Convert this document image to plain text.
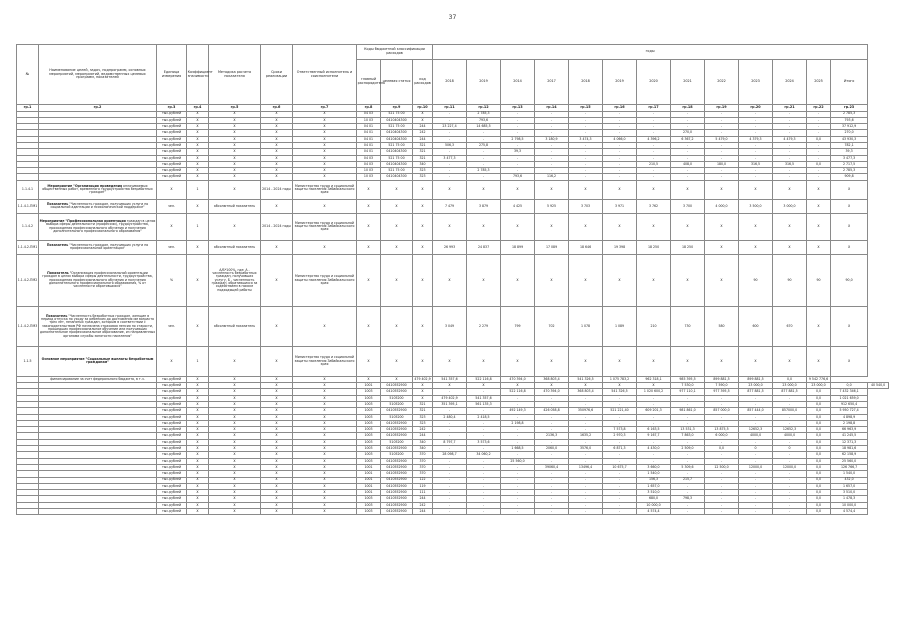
37
№	Наименование целей, задач, подпрограмм, основных мероприятий, мероприятий, ведомственных целевых программ, показателей	Единица измерения	Коэффициент значимости	Методика расчета показателя	Сроки реализации	Ответственный исполнитель и соисполнители	Коды бюджетной классификации расходов			годы													
							главный распорядитель	целевая статья	код расходов	2018	2019	2014	2017	2018	2019	2020	2021	2022	2023	2024	2025	Итого	
гр.1	гр.2	гр.3	гр.4	гр.5	гр.6	гр.7	гр.8	гр.9	гр.10	гр.11	гр.12	гр.13	гр.14	гр.15	гр.16	гр.17	гр.18	гр.19	гр.20	гр.21	гр.22	гр.23	
		тыс.рублей	X	X	X	X	04 03	521 75 00	X	-	2 785,3	-	-	-	-	-	-	-	-	-	-	2 785,3	
		тыс.рублей	X	X	X	X	10 03	0410404300	X	-	793,6	-	-	-	-	-	-	-	-	-	-	793,6	
		тыс.рублей	X	X	X	X	04 01	521 75 00	244	23 227,4	14 685,5	-	-	-	-	-	-	-	-	-	-	37 912,9	
		тыс.рублей	X	X	X	X	04 01	0410404300	242	-	-	-	-	-	-	-	270,0	-	-	-	-	270,0	
		тыс.рублей	X	X	X	X	04 01	0410404300	244	-	-	2 798,5	3 180,9	3 474,3	4 066,0	4 396,2	6 367,2	5 479,0	4 379,3	4 479,3	0,0	43 930,3	
		тыс.рублей	X	X	X	X	04 01	521 75 00	321	506,3	275,8	-	-	-	-	-	-	-	-	-	-	782,1	
		тыс.рублей	X	X	X	X	04 01	0410404300	321	-	-	39,3	-	-	-	-	-	-	-	-	-	39,3	
		тыс.рублей	X	X	X	X	04 03	521 75 00	321	3 477,3	-	-	-	-	-	-	-	-	-	-	-	3 477,3	
		тыс.рублей	X	X	X	X	04 03	0410404300	340	-	-	-	-	-	-	210,5	408,0	180,0	316,5	316,5	0,0	2 717,5	
		тыс.рублей	X	X	X	X	10 03	521 75 00	323	-	2 785,3	-	-	-	-	-	-	-	-	-	-	2 785,3	
		тыс.рублей	X	X	X	X	10 03	0410404300	323	-	-	793,6	116,2	-	-	-	-	-	-	-	-	909,8	
1.1.4.1	Мероприятие "Организация проведения оплачиваемых общественных работ, временного трудоустройства безработных граждан"	X	1	X	2014 - 2024 годы	Министерство труда и социальной защиты населения Забайкальского края	X	X	X	X	X	X	X	X	X	X	X	X	X	X	X	X	
1.1.4.1-ПМ1	Показатель "Численность граждан, получивших услуги по социальной адаптации и психологической поддержке"	чел.	X	абсолютный показатель	X	X	X	X	X	7 479	3 879	4 425	5 925	3 703	3 971	3 762	3 700	4 000,0	3 500,0	3 000,0	X	X	
1.1.4.2	Мероприятие "Профессиональная ориентация граждан в целях выбора сферы деятельности (профессии), трудоустройства, прохождения профессионального обучения и получения дополнительного профессионального образования"	X	1	X	2014 - 2024 годы	Министерство труда и социальной защиты населения Забайкальского края	X	X	X	X	X	X	X	X	X	X	X	X	X	X	X	X	
1.1.4.2-ПМ1	Показатель "Численность граждан, получивших услуги по профессиональной ориентации"	чел.	X	абсолютный показатель	X	X	X	X	X	26 993	24 837	18 899	17 089	18 646	19 398	18 250	18 250	X	X	X	X	X	
1.1.4.2-ПМ2	Показатель "Организация профессиональной ориентации граждан в целях выбора сферы деятельности, трудоустройства, прохождения профессионального обучения и получения дополнительного профессионального образования, % от численности обратившихся"	%	X	А/Б*100%, где: А - численность безработных граждан, получивших услугу, Б - численность граждан, обратившихся за содействием в поиске подходящей работы	X	Министерство труда и социальной защиты населения Забайкальского края	X	X	X	X	X	X	X	X	X	X	X	X	90	90	90	90,0	
1.1.4.2-ПМ3	Показатель "Численность безработных граждан, женщин в период отпуска по уходу за ребенком до достижения им возраста трех лет, незанятых граждан, которым в соответствии с законодательством РФ назначена страховая пенсия по старости, прошедших профессиональное обучение или получивших дополнительное профессиональное образование, из направленных органами службы занятости населения"	чел.	X	абсолютный показатель	X	X	X	X	X	3 049	2 279	799	702	1 078	1 089	210	730	580	600	670	X	X	
1.1.5	Основное мероприятие "Социальные выплаты безработным гражданам"	X	1	X	X	Министерство труда и социальной защиты населения Забайкальского края	X	X	X	X	X	X	X	X	X	X	X	X	X	X	X	X	
	финансирование за счет федерального бюджета, в т.ч.	тыс.рублей	X	X	X	X	X	X	479 402,9	541 357,6	522 116,8	470 394,0	368 803,4	541 326,5	1 075 783,2	962 318,1	985 395,5	899 881,5	899 881,5	0,0	9 542 776,6		
		тыс.рублей	X	X	X	X	1001	0410552900	X	X	X	X	X	X	X	X	7 530,0	7 590,0	23 000,0	23 000,0	23 000,0	0,0	40 540,0
		тыс.рублей	X	X	X	X	1003	0410552900	X	-	-	522 116,8	470 394,0	368 803,4	541 326,5	1 020 600,2	977 110,1	977 395,5	877 881,5	877 881,5	0,0	7 432 346,1	
		тыс.рублей	X	X	X	X	1003	5105200	X	479 402,9	541 357,6	-	-	-	-	-	-	-	-	-	0,0	1 021 659,0	
		тыс.рублей	X	X	X	X	1003	5105200	321	351 395,1	561 135,3	-	-	-	-	-	-	-	-	-	0,0	912 650,4	
		тыс.рублей	X	X	X	X	1003	0410552900	321	-	-	492 149,3	426 058,8	350976,6	521 221,40	609 201,3	981 861,0	857 000,0	857 444,0	857000,0	0,0	5 950 727,4	
		тыс.рублей	X	X	X	X	1003	5105200	323	2 480,4	2 418,5	-	-	-	-	-	-	-	-	-	0,0	4 898,9	
		тыс.рублей	X	X	X	X	1003	0410552900	323	-	-	2 198,8	-	-	-	-	-	-	-	-	0,0	2 198,8	
		тыс.рублей	X	X	X	X	1003	0410552900	242	-	-	-	-	-	7 573,8	6 163,5	13 531,3	13 875,5	12652,3	12652,3	0,0	66 963,9	
		тыс.рублей	X	X	X	X	1003	0410552900	244	-	-	-	2136,3	1635,2	2 970,3	9 167,7	7 863,0	6 000,0	4000,0	4000,0	0,0	41 245,5	
		тыс.рублей	X	X	X	X	1003	5105200	340	8 797,7	3 573,6	-	-	-	-	-	-	-	-	-	0,0	12 371,3	
		тыс.рублей	X	X	X	X	1003	0410552900	340	-	-	1 668,5	2060,0	3576,0	6 871,3	4 430,0	2 509,0	0,0	0	0	0,0	18 981,6	
		тыс.рублей	X	X	X	X	1003	5105200	370	28 098,7	34 060,2	-	-	-	-	-	-	-	-	-	0,0	62 158,9	
		тыс.рублей	X	X	X	X	1003	0410552900	370	-	-	25 560,0	-	-	-	-	-	-	-	-	0,0	25 560,0	
		тыс.рублей	X	X	X	X	1001	0410552900	370	-	-	-	39060,4	13496,4	10 675,7	3 660,0	5 309,6	12 500,0	12000,0	12000,0	0,0	126 766,7	
		тыс.рублей	X	X	X	X	1001	0410552900	370	-	-	-	-	-	-	1 540,0	-	-	-	-	0,0	1 540,0	
		тыс.рублей	X	X	X	X	1001	0410552900	122	-	-	-	-	-	-	156,3	215,7	-	-	-	0,0	432,0	
		тыс.рублей	X	X	X	X	1001	0410552900	119	-	-	-	-	-	-	1 657,0	-	-	-	-	0,0	1 657,0	
		тыс.рублей	X	X	X	X	1001	0410552900	111	-	-	-	-	-	-	3 510,0	-	-	-	-	0,0	3 510,0	
		тыс.рублей	X	X	X	X	1003	0410552900	244	-	-	-	-	-	-	680,0	798,3	-	-	-	0,0	1 478,3	
		тыс.рублей	X	X	X	X	1003	0410552900	242	-	-	-	-	-	-	10 000,0	-	-	-	-	0,0	10 000,0	
		тыс.рублей	X	X	X	X	1003	0410552900	244	-	-	-	-	-	-	4 574,4	-	-	-	-	0,0	4 574,4	
